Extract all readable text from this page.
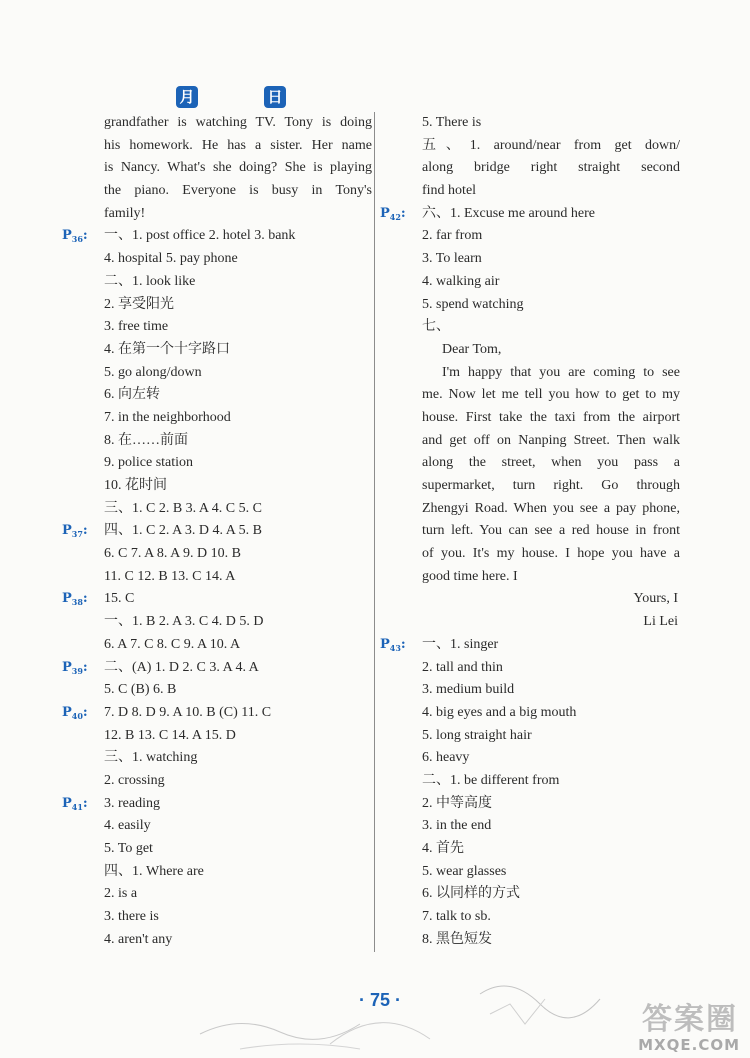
月	日
grandfather is watching TV. Tony is doing
his homework. He has a sister. Her name
is Nancy. What's she doing? She is playing
the piano. Everyone is busy in Tony's
family!
$P_{36}$: 一、1. post office 2. hotel 3. bank
4. hospital 5. pay phone
二、1. look like
2. 享受阳光
3. free time
4. 在第一个十字路口
5. go along/down
6. 向左转
7. in the neighborhood
8. 在……前面
9. police station
10. 花时间
三、1. C 2. B 3. A 4. C 5. C
$P_{37}$: 四、1. C 2. A 3. D 4. A 5. B
6. C 7. A 8. A 9. D 10. B
11. C 12. B 13. C 14. A
$P_{38}$: 15. C
一、1. B 2. A 3. C 4. D 5. D
6. A 7. C 8. C 9. A 10. A
$P_{39}$: 二、(A) 1. D 2. C 3. A 4. A
5. C (B) 6. B
$P_{40}$: 7. D 8. D 9. A 10. B (C) 11. C
12. B 13. C 14. A 15. D
三、1. watching
2. crossing
$P_{41}$: 3. reading
4. easily
5. To get
四、1. Where are
2. is a
3. there is
4. aren't any
5. There is
五、1. around/near from get down/
along bridge right straight second
find hotel
$P_{42}$: 六、1. Excuse me around here
2. far from
3. To learn
4. walking air
5. spend watching
七、
Dear Tom,
I'm happy that you are coming to see
me. Now let me tell you how to get to my
house. First take the taxi from the airport
and get off on Nanping Street. Then walk
along the street, when you pass a
supermarket, turn right. Go through
Zhengyi Road. When you see a pay phone,
turn left. You can see a red house in front
of you. It's my house. I hope you have a
good time here. I
Yours, I
Li Lei
$P_{43}$: 一、1. singer
2. tall and thin
3. medium build
4. big eyes and a big mouth
5. long straight hair
6. heavy
二、1. be different from
2. 中等高度
3. in the end
4. 首先
5. wear glasses
6. 以同样的方式
7. talk to sb.
8. 黑色短发
· 75 ·
答案圈
MXQE.COM
